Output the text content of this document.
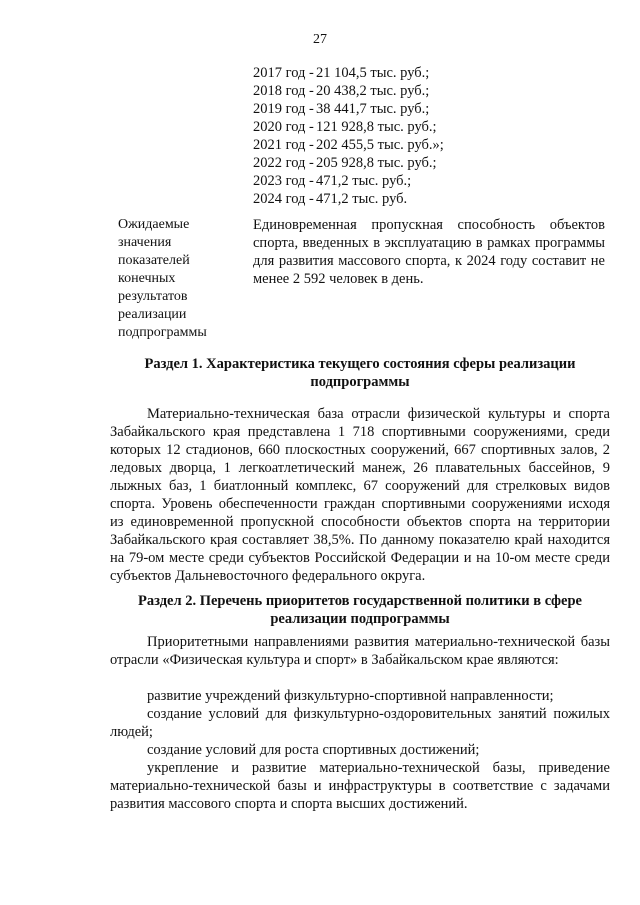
27
2017 год - 21 104,5 тыс. руб.;
2018 год - 20 438,2 тыс. руб.;
2019 год - 38 441,7 тыс. руб.;
2020 год - 121 928,8 тыс. руб.;
2021 год - 202 455,5 тыс. руб.»;
2022 год - 205 928,8 тыс. руб.;
2023 год - 471,2 тыс. руб.;
2024 год - 471,2 тыс. руб.
Ожидаемые
значения
показателей
конечных
результатов
реализации
подпрограммы
Единовременная пропускная способность объектов спорта, введенных в эксплуатацию в рамках программы для развития массового спорта, к 2024 году составит не менее 2 592 человек в день.
Раздел 1. Характеристика текущего состояния сферы реализации
подпрограммы

Материально-техническая база отрасли физической культуры и спорта Забайкальского края представлена 1 718 спортивными сооружениями, среди которых 12 стадионов, 660 плоскостных сооружений, 667 спортивных залов, 2 ледовых дворца, 1 легкоатлетический манеж, 26 плавательных бассейнов, 9 лыжных баз, 1 биатлонный комплекс, 67 сооружений для стрелковых видов спорта. Уровень обеспеченности граждан спортивными сооружениями исходя из единовременной пропускной способности объектов спорта на территории Забайкальского края составляет 38,5%. По данному показателю край находится на 79-ом месте среди субъектов Российской Федерации и на 10-ом месте среди субъектов Дальневосточного федерального округа.

Раздел 2. Перечень приоритетов государственной политики в сфере
реализации подпрограммы

Приоритетными направлениями развития материально-технической базы отрасли «Физическая культура и спорт» в Забайкальском крае являются:

развитие учреждений физкультурно-спортивной направленности;

создание условий для физкультурно-оздоровительных занятий пожилых людей;

создание условий для роста спортивных достижений;

укрепление и развитие материально-технической базы, приведение материально-технической базы и инфраструктуры в соответствие с задачами развития массового спорта и спорта высших достижений.
